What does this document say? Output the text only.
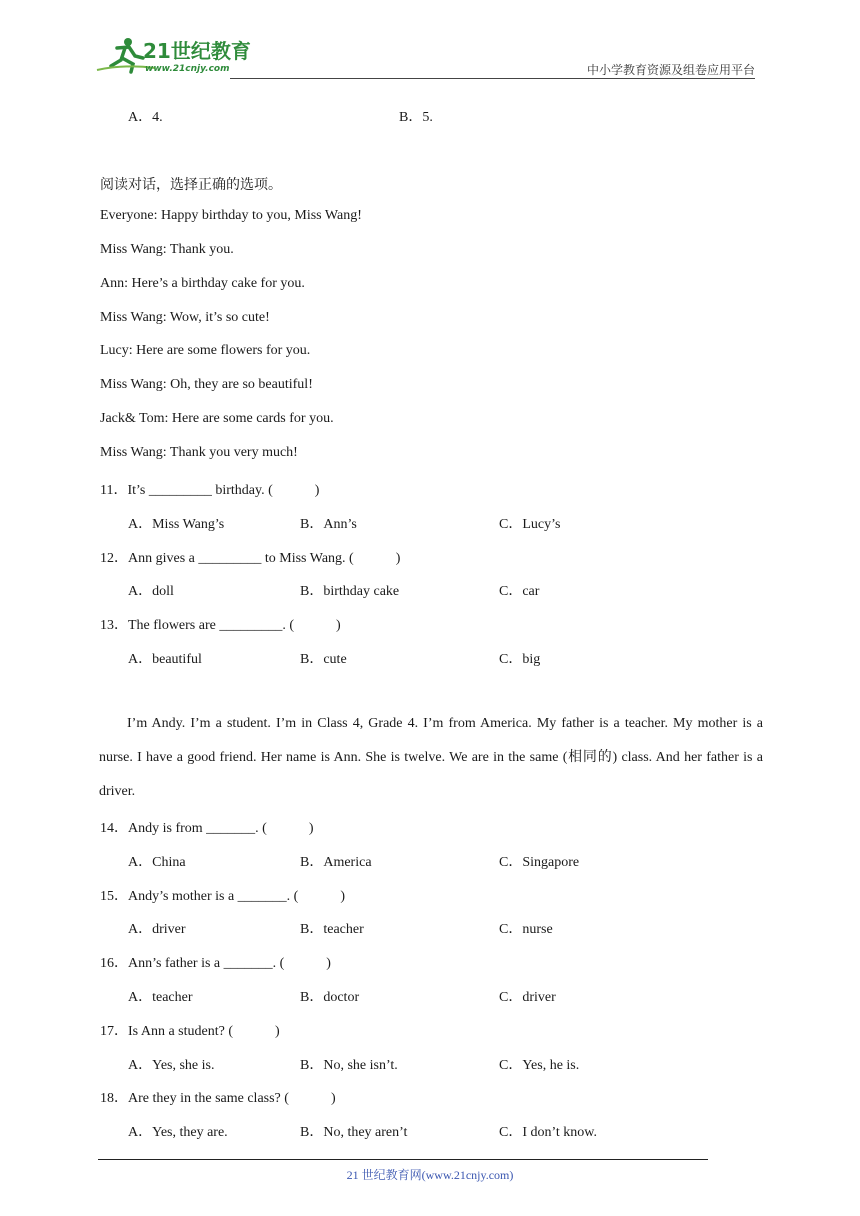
21世纪教育
www.21cnjy.com	中小学教育资源及组卷应用平台
A．4.	B．5.
阅读对话，选择正确的选项。
Everyone: Happy birthday to you, Miss Wang!
Miss Wang: Thank you.
Ann: Here’s a birthday cake for you.
Miss Wang: Wow, it’s so cute!
Lucy: Here are some flowers for you.
Miss Wang: Oh, they are so beautiful!
Jack& Tom: Here are some cards for you.
Miss Wang: Thank you very much!
11．It’s _________ birthday. (　　　)
A．Miss Wang’s	B．Ann’s	C．Lucy’s
12．Ann gives a _________ to Miss Wang. (　　　)
A．doll	B．birthday cake	C．car
13．The flowers are _________. (　　　)
A．beautiful	B．cute	C．big
I’m Andy. I’m a student. I’m in Class 4, Grade 4. I’m from America. My father is a teacher. My mother is a nurse. I have a good friend. Her name is Ann. She is twelve. We are in the same (相同的) class. And her father is a driver.
14．Andy is from _______. (　　　)
A．China	B．America	C．Singapore
15．Andy’s mother is a _______. (　　　)
A．driver	B．teacher	C．nurse
16．Ann’s father is a _______. (　　　)
A．teacher	B．doctor	C．driver
17．Is Ann a student? (　　　)
A．Yes, she is.	B．No, she isn’t.	C．Yes, he is.
18．Are they in the same class? (　　　)
A．Yes, they are.	B．No, they aren’t	C．I don’t know.
21 世纪教育网(www.21cnjy.com)
